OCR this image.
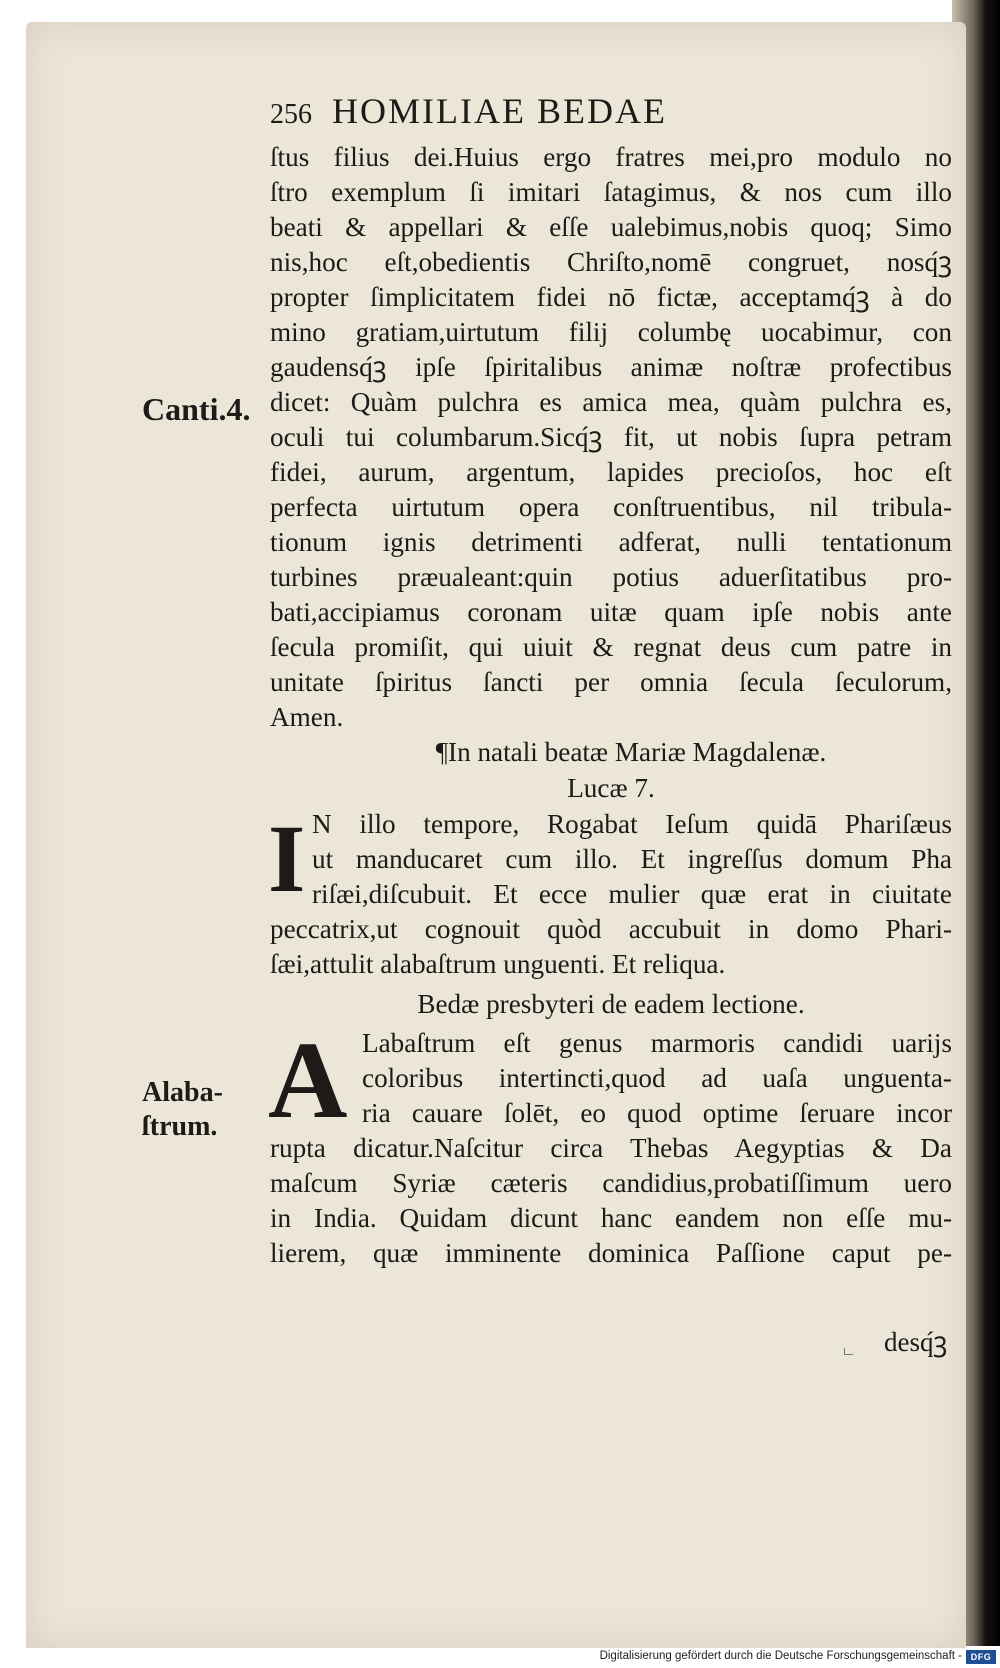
256 HOMILIAE BEDAE
Canti.4.
Alaba-
ſtrum.
ſtus filius dei.Huius ergo fratres mei,pro modulo no
ſtro exemplum ſi imitari ſatagimus, & nos cum illo
beati & appellari & eſſe ualebimus,nobis quoq; Simo
nis,hoc eſt,obedientis Chriſto,nomē congruet, nosq́ꝫ
propter ſimplicitatem fidei nō fictæ, acceptamq́ꝫ à do
mino gratiam,uirtutum filij columbę uocabimur, con
gaudensq́ꝫ ipſe ſpiritalibus animæ noſtræ profectibus
dicet: Quàm pulchra es amica mea, quàm pulchra es,
oculi tui columbarum.Sicq́ꝫ fit, ut nobis ſupra petram
fidei, aurum, argentum, lapides precioſos, hoc eſt
perfecta uirtutum opera conſtruentibus, nil tribula-
tionum ignis detrimenti adferat, nulli tentationum
turbines præualeant:quin potius aduerſitatibus pro-
bati,accipiamus coronam uitæ quam ipſe nobis ante
ſecula promiſit, qui uiuit & regnat deus cum patre in
unitate ſpiritus ſancti per omnia ſecula ſeculorum,
Amen.
¶In natali beatæ Mariæ Magdalenæ.
Lucæ 7.
I N illo tempore, Rogabat Ieſum quidā Phariſæus
ut manducaret cum illo. Et ingreſſus domum Pha
riſæi,diſcubuit. Et ecce mulier quæ erat in ciuitate
peccatrix,ut cognouit quòd accubuit in domo Phari-
ſæi,attulit alabaſtrum unguenti. Et reliqua.
Bedæ presbyteri de eadem lectione.
A Labaſtrum eſt genus marmoris candidi uarijs
coloribus intertincti,quod ad uaſa unguenta-
ria cauare ſolēt, eo quod optime ſeruare incor
rupta dicatur.Naſcitur circa Thebas Aegyptias & Da
maſcum Syriæ cæteris candidius,probatiſſimum uero
in India. Quidam dicunt hanc eandem non eſſe mu-
lierem, quæ imminente dominica Paſſione caput pe-
desq́ꝫ
Digitalisierung gefördert durch die Deutsche Forschungsgemeinschaft - DFG
